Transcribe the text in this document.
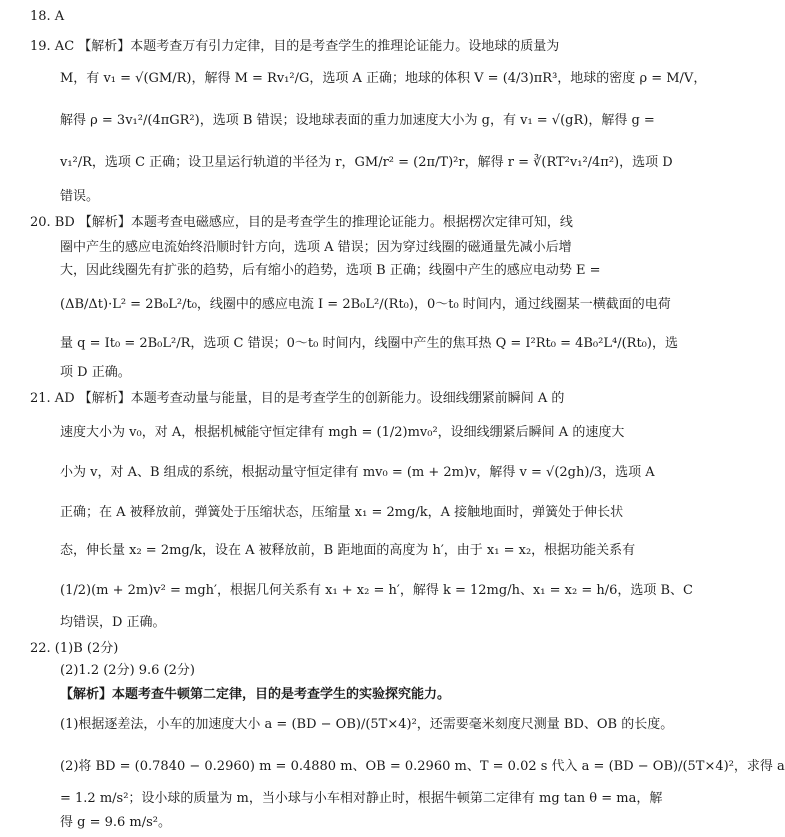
18. A
19. AC 【解析】本题考查万有引力定律，目的是考查学生的推理论证能力。设地球的质量为
M，有 v₁ = √(GM/R)，解得 M = Rv₁²/G，选项 A 正确；地球的体积 V = (4/3)πR³，地球的密度 ρ = M/V，
解得 ρ = 3v₁²/(4πGR²)，选项 B 错误；设地球表面的重力加速度大小为 g，有 v₁ = √(gR)，解得 g =
v₁²/R，选项 C 正确；设卫星运行轨道的半径为 r，GM/r² = (2π/T)²r，解得 r = ∛(RT²v₁²/4π²)，选项 D
错误。
20. BD 【解析】本题考查电磁感应，目的是考查学生的推理论证能力。根据楞次定律可知，线
圈中产生的感应电流始终沿顺时针方向，选项 A 错误；因为穿过线圈的磁通量先减小后增
大，因此线圈先有扩张的趋势，后有缩小的趋势，选项 B 正确；线圈中产生的感应电动势 E =
(ΔB/Δt)·L² = 2B₀L²/t₀，线圈中的感应电流 I = 2B₀L²/(Rt₀)，0～t₀ 时间内，通过线圈某一横截面的电荷
量 q = It₀ = 2B₀L²/R，选项 C 错误；0～t₀ 时间内，线圈中产生的焦耳热 Q = I²Rt₀ = 4B₀²L⁴/(Rt₀)，选
项 D 正确。
21. AD 【解析】本题考查动量与能量，目的是考查学生的创新能力。设细线绷紧前瞬间 A 的
速度大小为 v₀，对 A，根据机械能守恒定律有 mgh = (1/2)mv₀²，设细线绷紧后瞬间 A 的速度大
小为 v，对 A、B 组成的系统，根据动量守恒定律有 mv₀ = (m + 2m)v，解得 v = √(2gh)/3，选项 A
正确；在 A 被释放前，弹簧处于压缩状态，压缩量 x₁ = 2mg/k，A 接触地面时，弹簧处于伸长状
态，伸长量 x₂ = 2mg/k，设在 A 被释放前，B 距地面的高度为 h′，由于 x₁ = x₂，根据功能关系有
(1/2)(m + 2m)v² = mgh′，根据几何关系有 x₁ + x₂ = h′，解得 k = 12mg/h、x₁ = x₂ = h/6，选项 B、C
均错误，D 正确。
22. (1)B (2分)
(2)1.2 (2分) 9.6 (2分)
【解析】本题考查牛顿第二定律，目的是考查学生的实验探究能力。
(1)根据逐差法，小车的加速度大小 a = (BD − OB)/(5T×4)²，还需要毫米刻度尺测量 BD、OB 的长度。
(2)将 BD = (0.7840 − 0.2960) m = 0.4880 m、OB = 0.2960 m、T = 0.02 s 代入 a = (BD − OB)/(5T×4)²，求得 a
= 1.2 m/s²；设小球的质量为 m，当小球与小车相对静止时，根据牛顿第二定律有 mg tan θ = ma，解
得 g = 9.6 m/s²。
